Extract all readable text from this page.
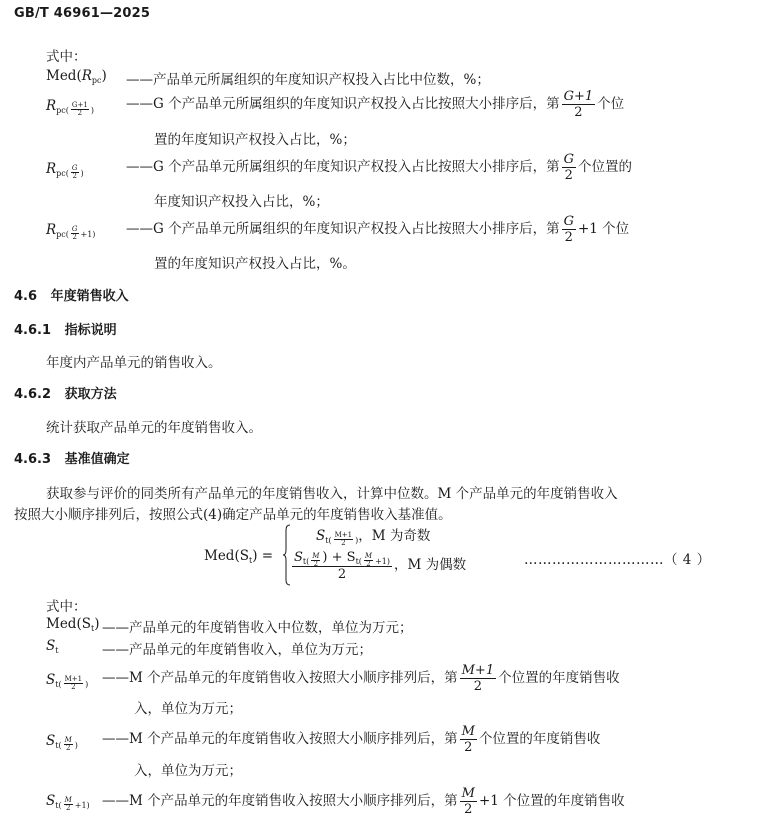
GB/T 46961—2025
式中：
$Med(R_{pc})$ ——产品单元所属组织的年度知识产权投入占比中位数，%；
$R_{pc(} \frac{G+1}{2} _)$ ——G 个产品单元所属组织的年度知识产权投入占比按照大小排序后，第 $\frac{G+1}{2}$ 个位
置的年度知识产权投入占比，%；
$R_{pc(} \frac{G}{2} _)$	——G 个产品单元所属组织的年度知识产权投入占比按照大小排序后，第 $\frac{G}{2}$ 个位置的
年度知识产权投入占比，%；
$R_{pc(} \frac{G}{2} _{+1)}$ ——G 个产品单元所属组织的年度知识产权投入占比按照大小排序后，第 $\frac{G}{2} +1$ 个位
置的年度知识产权投入占比，%。
4.6 年度销售收入
4.6.1 指标说明
年度内产品单元的销售收入。
4.6.2 获取方法
统计获取产品单元的年度销售收入。
4.6.3 基准值确定
获取参与评价的同类所有产品单元的年度销售收入，计算中位数。M 个产品单元的年度销售收入
按照大小顺序排列后，按照公式(4)确定产品单元的年度销售收入基准值。
$Med(S_t)$ =
$S_{t(} \frac{M+1}{2} _)$，M 为奇数
$\frac{S_{t(} \frac{M}{2} ) + S_{t(} \frac{M}{2} _{+1)}}{2}$ ，M 为偶数	…………………………（ 4 ）
式中：
$Med(S_t)$ ——产品单元的年度销售收入中位数，单位为万元；
$S_t$	——产品单元的年度销售收入，单位为万元；
$S_{t(} \frac{M+1}{2} _)$ ——M 个产品单元的年度销售收入按照大小顺序排列后，第 $\frac{M+1}{2}$ 个位置的年度销售收
入，单位为万元；
$S_{t(} \frac{M}{2} _)$ ——M 个产品单元的年度销售收入按照大小顺序排列后，第 $\frac{M}{2}$ 个位置的年度销售收
入，单位为万元；
$S_{t(} \frac{M}{2} _{+1)}$ ——M 个产品单元的年度销售收入按照大小顺序排列后，第 $\frac{M}{2} +1$ 个位置的年度销售收
